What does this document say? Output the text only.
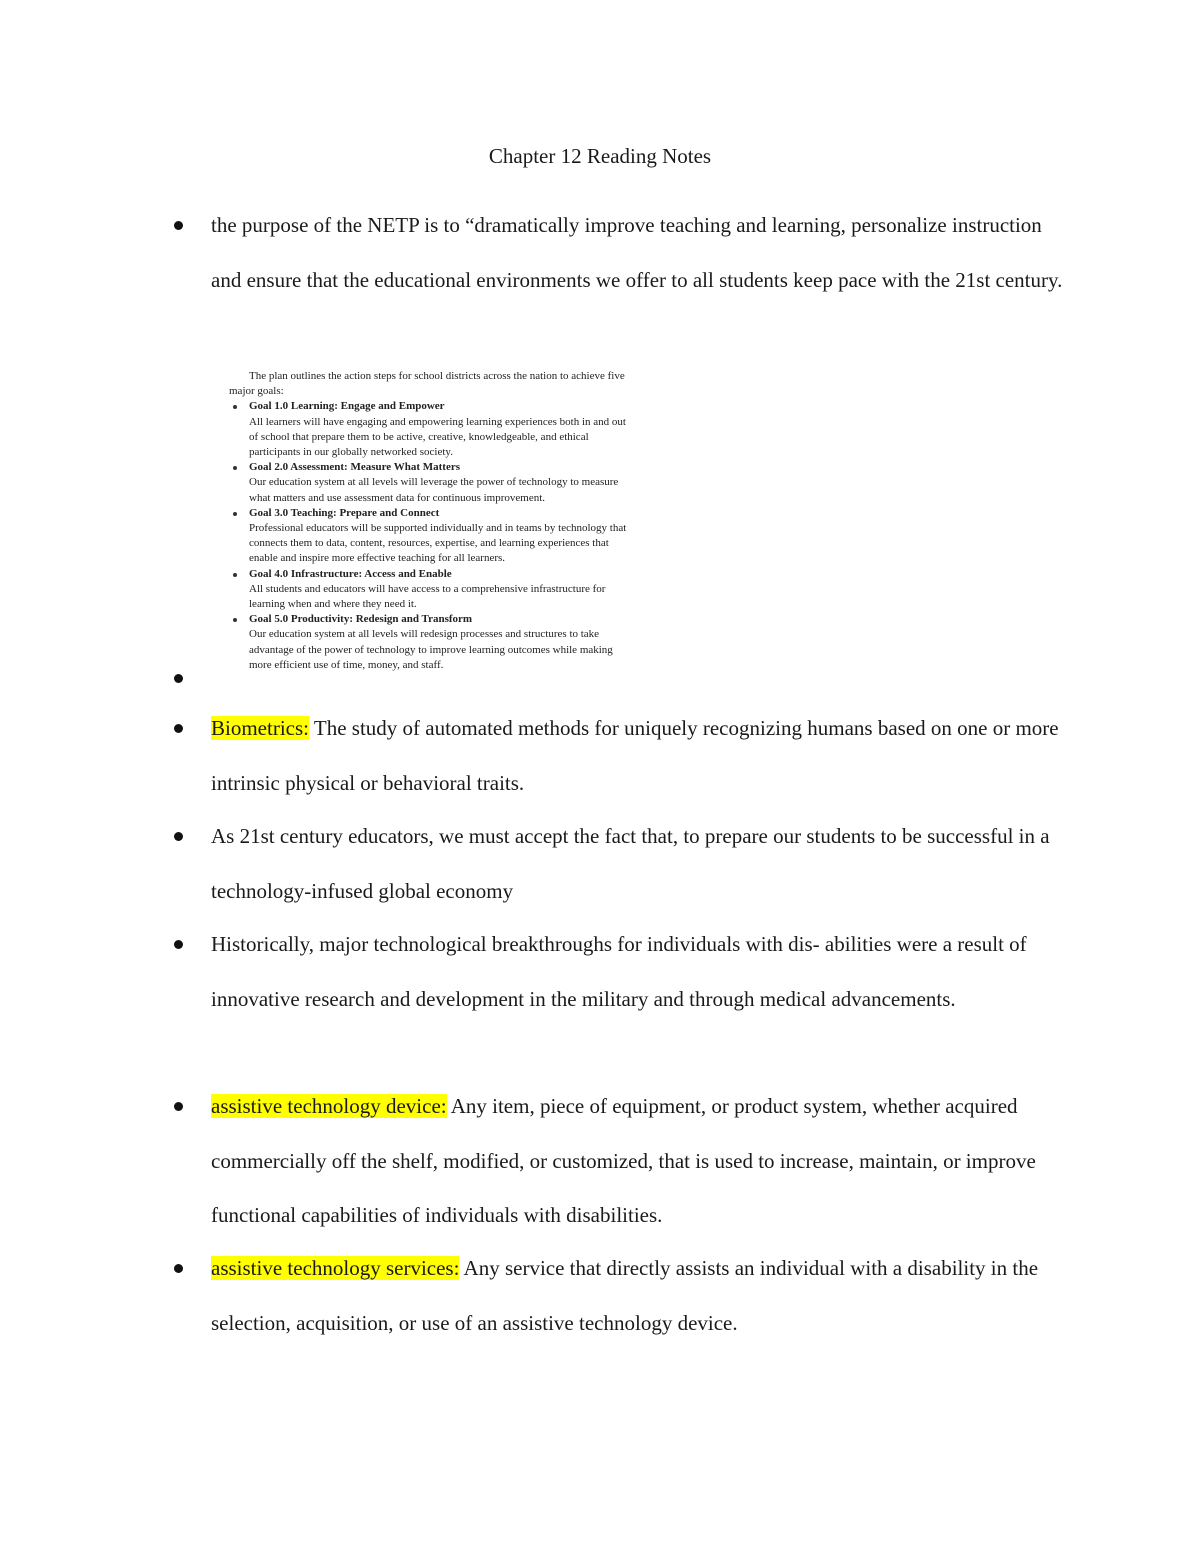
Chapter 12 Reading Notes
the purpose of the NETP is to “dramatically improve teaching and learning, personalize instruction and ensure that the educational environments we offer to all students keep pace with the 21st century.
The plan outlines the action steps for school districts across the nation to achieve five
major goals:
Goal 1.0 Learning: Engage and Empower
All learners will have engaging and empowering learning experiences both in and out
of school that prepare them to be active, creative, knowledgeable, and ethical
participants in our globally networked society.
Goal 2.0 Assessment: Measure What Matters
Our education system at all levels will leverage the power of technology to measure
what matters and use assessment data for continuous improvement.
Goal 3.0 Teaching: Prepare and Connect
Professional educators will be supported individually and in teams by technology that
connects them to data, content, resources, expertise, and learning experiences that
enable and inspire more effective teaching for all learners.
Goal 4.0 Infrastructure: Access and Enable
All students and educators will have access to a comprehensive infrastructure for
learning when and where they need it.
Goal 5.0 Productivity: Redesign and Transform
Our education system at all levels will redesign processes and structures to take
advantage of the power of technology to improve learning outcomes while making
more efficient use of time, money, and staff.
Biometrics: The study of automated methods for uniquely recognizing humans based on one or more intrinsic physical or behavioral traits.
As 21st century educators, we must accept the fact that, to prepare our students to be successful in a technology-infused global economy
Historically, major technological breakthroughs for individuals with dis- abilities were a result of innovative research and development in the military and through medical advancements.
assistive technology device: Any item, piece of equipment, or product system, whether acquired commercially off the shelf, modified, or customized, that is used to increase, maintain, or improve functional capabilities of individuals with disabilities.
assistive technology services: Any service that directly assists an individual with a disability in the selection, acquisition, or use of an assistive technology device.
